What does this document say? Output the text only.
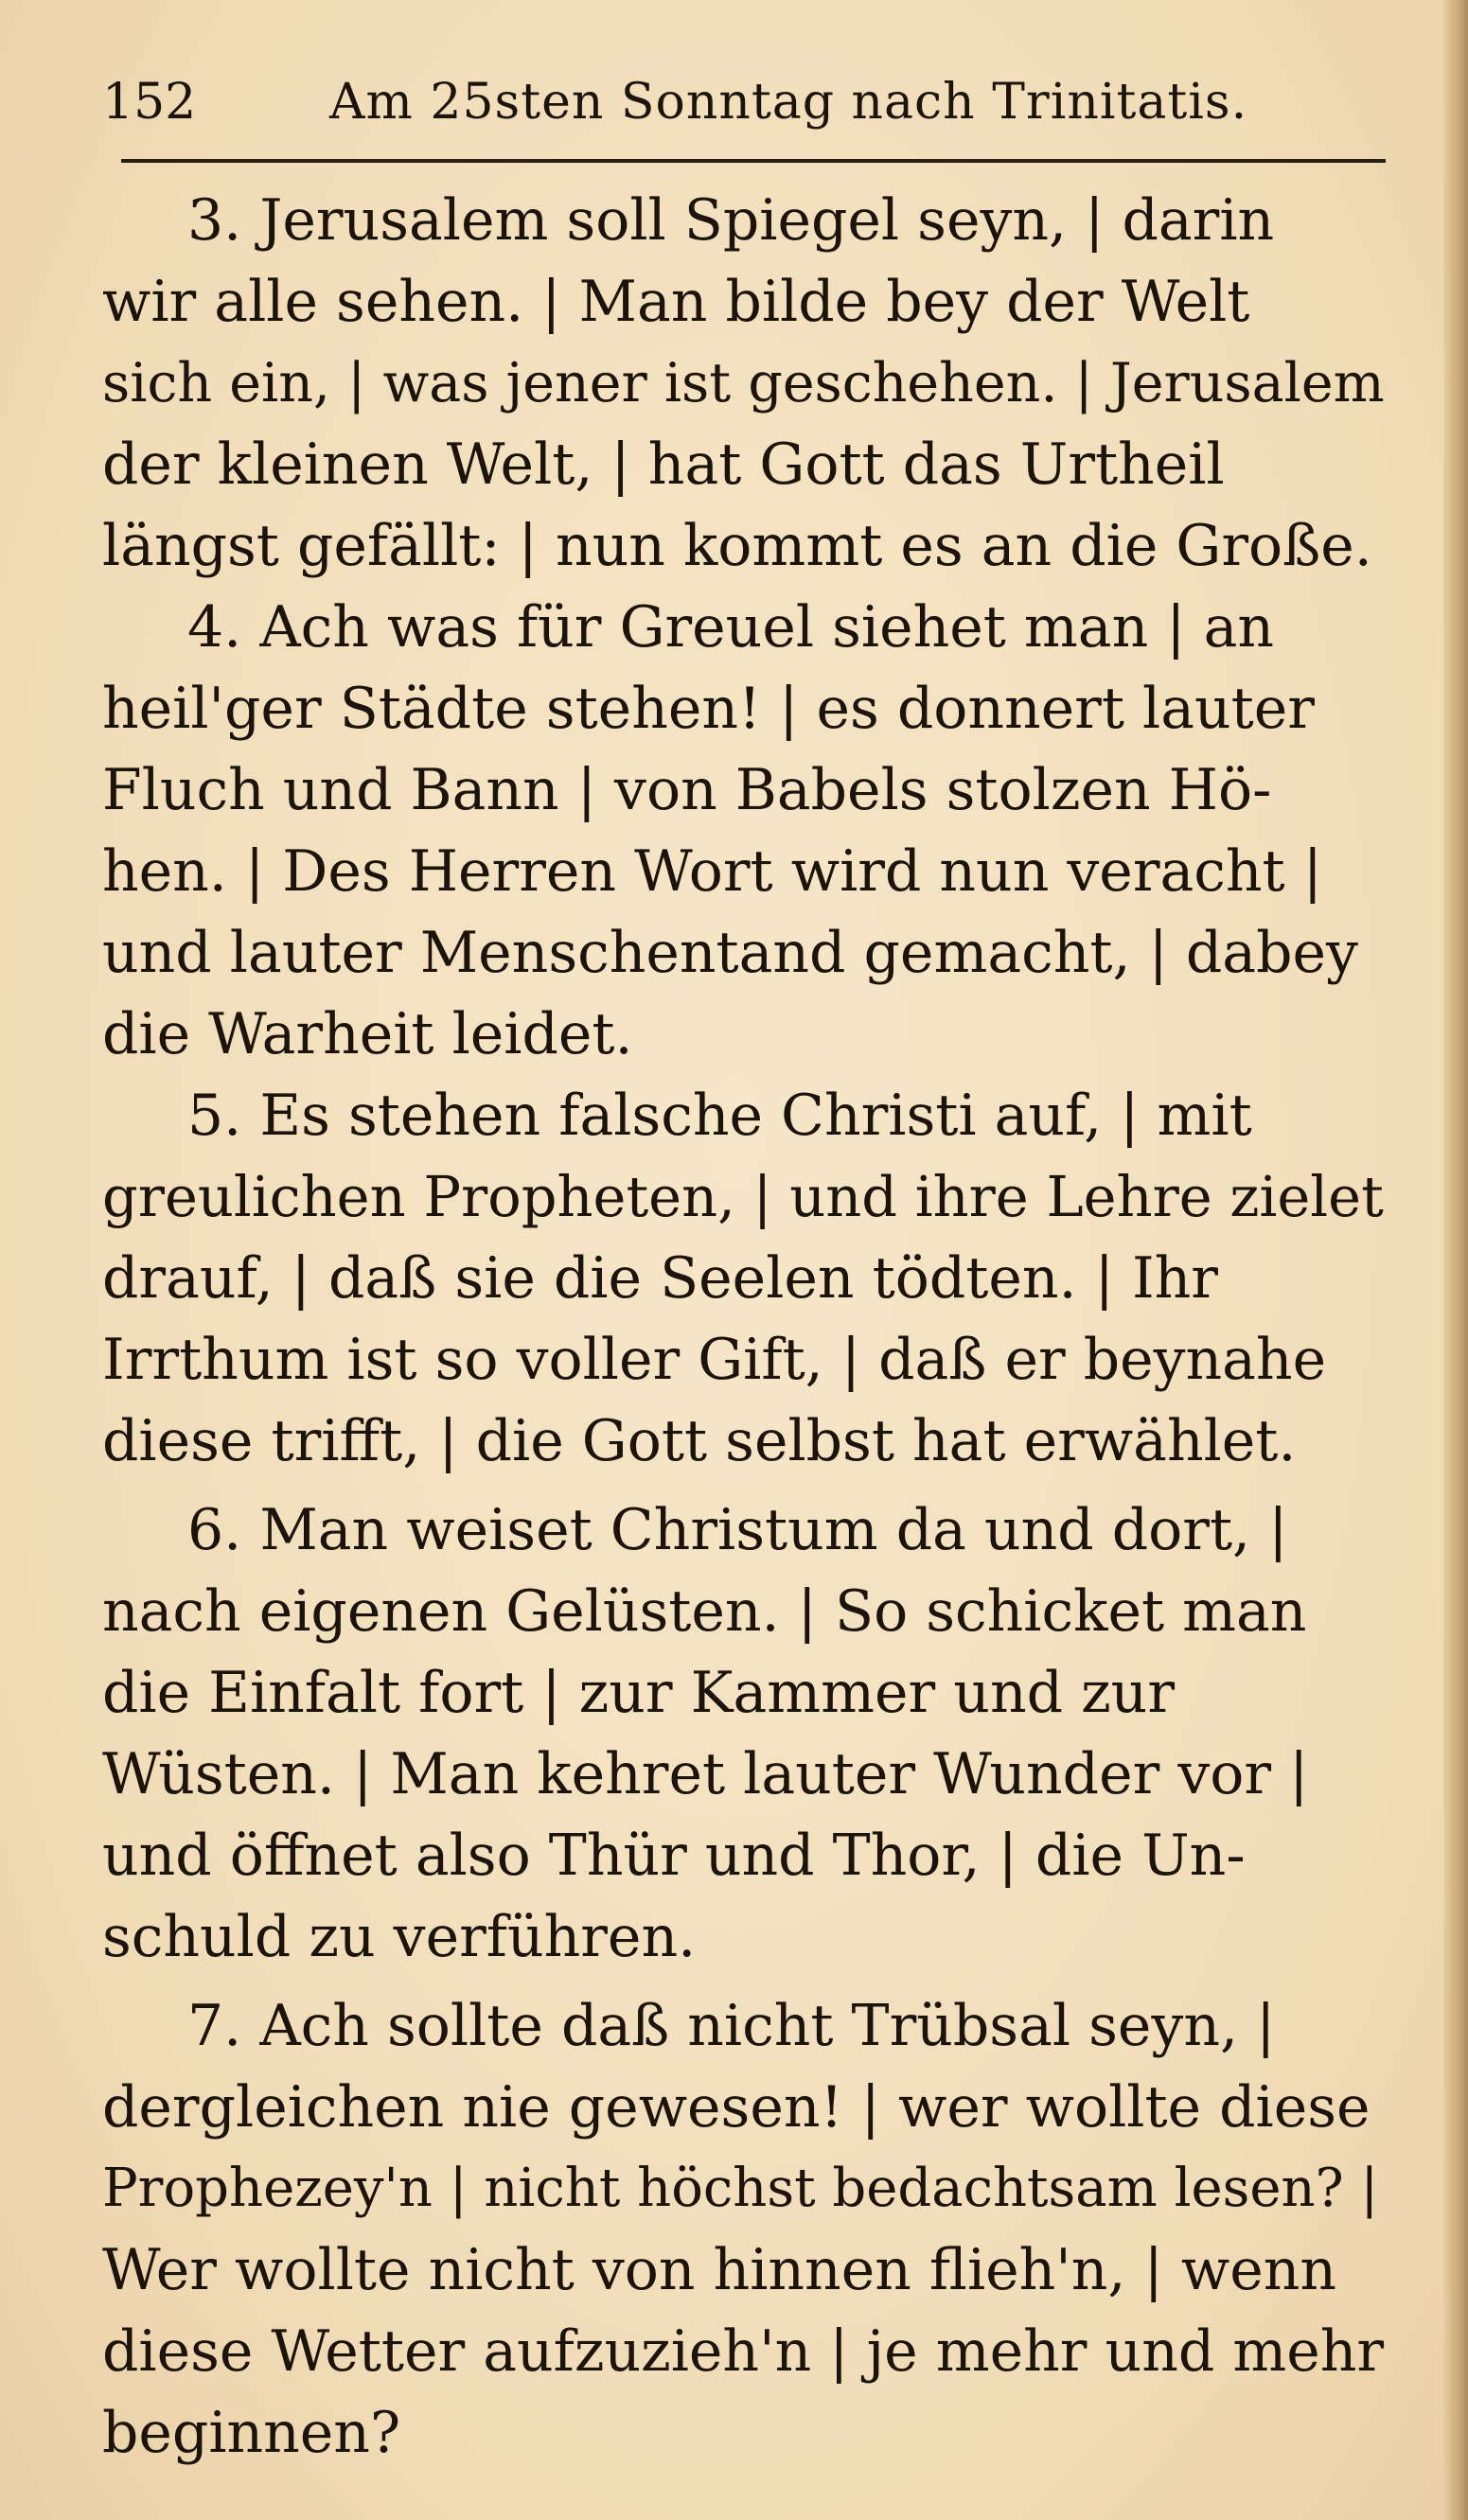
152	Am 25sten Sonntag nach Trinitatis.
3. Jerusalem soll Spiegel seyn, | darin
wir alle sehen. | Man bilde bey der Welt
sich ein, | was jener ist geschehen. | Jerusalem
der kleinen Welt, | hat Gott das Urtheil
längst gefällt: | nun kommt es an die Große.
4. Ach was für Greuel siehet man | an
heil'ger Städte stehen! | es donnert lauter
Fluch und Bann | von Babels stolzen Hö-
hen. | Des Herren Wort wird nun veracht |
und lauter Menschentand gemacht, | dabey
die Warheit leidet.
5. Es stehen falsche Christi auf, | mit
greulichen Propheten, | und ihre Lehre zielet
drauf, | daß sie die Seelen tödten. | Ihr
Irrthum ist so voller Gift, | daß er beynahe
diese trifft, | die Gott selbst hat erwählet.
6. Man weiset Christum da und dort, |
nach eigenen Gelüsten. | So schicket man
die Einfalt fort | zur Kammer und zur
Wüsten. | Man kehret lauter Wunder vor |
und öffnet also Thür und Thor, | die Un-
schuld zu verführen.
7. Ach sollte daß nicht Trübsal seyn, |
dergleichen nie gewesen! | wer wollte diese
Prophezey'n | nicht höchst bedachtsam lesen? |
Wer wollte nicht von hinnen flieh'n, | wenn
diese Wetter aufzuzieh'n | je mehr und mehr
beginnen?
